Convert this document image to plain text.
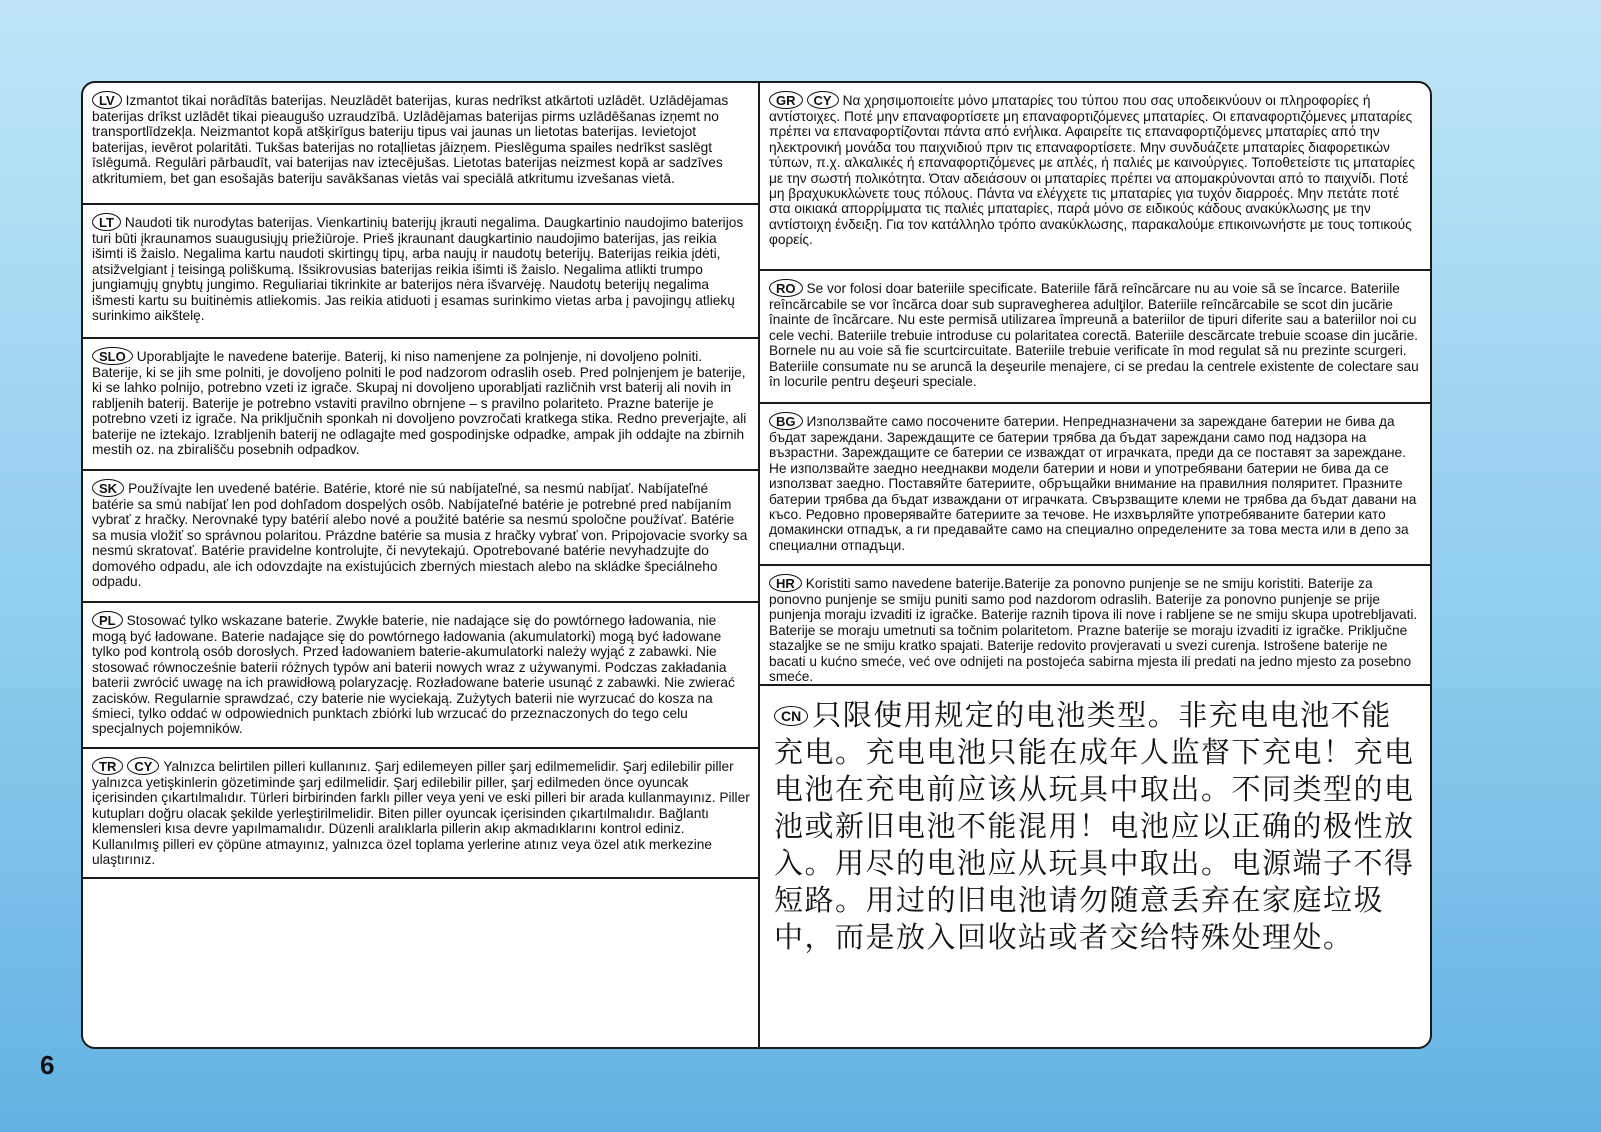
LV Izmantot tikai norādītās baterijas. Neuzlādēt baterijas, kuras nedrīkst atkārtoti uzlādēt. Uzlādējamas baterijas drīkst uzlādēt tikai pieaugušo uzraudzībā. Uzlādējamas baterijas pirms uzlādēšanas izņemt no transportlīdzekļa. Neizmantot kopā atšķirīgus bateriju tipus vai jaunas un lietotas baterijas. Ievietojot baterijas, ievērot polaritāti. Tukšas baterijas no rotaļlietas jāizņem. Pieslēguma spailes nedrīkst saslēgt īslēgumā. Regulāri pārbaudīt, vai baterijas nav iztecējušas. Lietotas baterijas neizmest kopā ar sadzīves atkritumiem, bet gan esošajās bateriju savākšanas vietās vai speciālā atkritumu izvešanas vietā.

LT Naudoti tik nurodytas baterijas. Vienkartinių baterijų įkrauti negalima. Daugkartinio naudojimo baterijos turi būti įkraunamos suaugusiųjų priežiūroje. Prieš įkraunant daugkartinio naudojimo baterijas, jas reikia išimti iš žaislo. Negalima kartu naudoti skirtingų tipų, arba naujų ir naudotų beterijų. Baterijas reikia įdėti, atsižvelgiant į teisingą poliškumą. Išsikrovusias baterijas reikia išimti iš žaislo. Negalima atlikti trumpo jungiamųjų gnybtų jungimo. Reguliariai tikrinkite ar baterijos nėra išvarvėję. Naudotų beterijų negalima išmesti kartu su buitinėmis atliekomis. Jas reikia atiduoti į esamas surinkimo vietas arba į pavojingų atliekų surinkimo aikštelę.

SLO Uporabljajte le navedene baterije. Baterij, ki niso namenjene za polnjenje, ni dovoljeno polniti. Baterije, ki se jih sme polniti, je dovoljeno polniti le pod nadzorom odraslih oseb. Pred polnjenjem je baterije, ki se lahko polnijo, potrebno vzeti iz igrače. Skupaj ni dovoljeno uporabljati različnih vrst baterij ali novih in rabljenih baterij. Baterije je potrebno vstaviti pravilno obrnjene – s pravilno polariteto. Prazne baterije je potrebno vzeti iz igrače. Na priključnih sponkah ni dovoljeno povzročati kratkega stika. Redno preverjajte, ali baterije ne iztekajo. Izrabljenih baterij ne odlagajte med gospodinjske odpadke, ampak jih oddajte na zbirnih mestih oz. na zbirališču posebnih odpadkov.

SK Používajte len uvedené batérie. Batérie, ktoré nie sú nabíjateľné, sa nesmú nabíjať. Nabíjateľné batérie sa smú nabíjať len pod dohľadom dospelých osôb. Nabíjateľné batérie je potrebné pred nabíjaním vybrať z hračky. Nerovnaké typy batérií alebo nové a použité batérie sa nesmú spoločne používať. Batérie sa musia vložiť so správnou polaritou. Prázdne batérie sa musia z hračky vybrať von. Pripojovacie svorky sa nesmú skratovať. Batérie pravidelne kontrolujte, či nevytekajú. Opotrebované batérie nevyhadzujte do domového odpadu, ale ich odovzdajte na existujúcich zberných miestach alebo na skládke špeciálneho odpadu.

PL Stosować tylko wskazane baterie. Zwykłe baterie, nie nadające się do powtórnego ładowania, nie mogą być ładowane. Baterie nadające się do powtórnego ładowania (akumulatorki) mogą być ładowane tylko pod kontrolą osób dorosłych. Przed ładowaniem baterie-akumulatorki należy wyjąć z zabawki. Nie stosować równocześnie baterii różnych typów ani baterii nowych wraz z używanymi. Podczas zakładania baterii zwrócić uwagę na ich prawidłową polaryzację. Rozładowane baterie usunąć z zabawki. Nie zwierać zacisków. Regularnie sprawdzać, czy baterie nie wyciekają. Zużytych baterii nie wyrzucać do kosza na śmieci, tylko oddać w odpowiednich punktach zbiórki lub wrzucać do przeznaczonych do tego celu specjalnych pojemników.

TR CY Yalnızca belirtilen pilleri kullanınız. Şarj edilemeyen piller şarj edilmemelidir. Şarj edilebilir piller yalnızca yetişkinlerin gözetiminde şarj edilmelidir. Şarj edilebilir piller, şarj edilmeden önce oyuncak içerisinden çıkartılmalıdır. Türleri birbirinden farklı piller veya yeni ve eski pilleri bir arada kullanmayınız. Piller kutupları doğru olacak şekilde yerleştirilmelidir. Biten piller oyuncak içerisinden çıkartılmalıdır. Bağlantı klemensleri kısa devre yapılmamalıdır. Düzenli aralıklarla pillerin akıp akmadıklarını kontrol ediniz. Kullanılmış pilleri ev çöpüne atmayınız, yalnızca özel toplama yerlerine atınız veya özel atık merkezine ulaştırınız.

GR CY Να χρησιμοποιείτε μόνο μπαταρίες του τύπου που σας υποδεικνύουν οι πληροφορίες ή αντίστοιχες. Ποτέ μην επαναφορτίσετε μη επαναφορτιζόμενες μπαταρίες. Οι επαναφορτιζόμενες μπαταρίες πρέπει να επαναφορτίζονται πάντα από ενήλικα. Αφαιρείτε τις επαναφορτιζόμενες μπαταρίες από την ηλεκτρονική μονάδα του παιχνιδιού πριν τις επαναφορτίσετε. Μην συνδυάζετε μπαταρίες διαφορετικών τύπων, π.χ. αλκαλικές ή επαναφορτιζόμενες με απλές, ή παλιές με καινούργιες. Τοποθετείστε τις μπαταρίες με την σωστή πολικότητα. Όταν αδειάσουν οι μπαταρίες πρέπει να απομακρύνονται από το παιχνίδι. Ποτέ μη βραχυκυκλώνετε τους πόλους. Πάντα να ελέγχετε τις μπαταρίες για τυχόν διαρροές. Μην πετάτε ποτέ στα οικιακά απορρίμματα τις παλιές μπαταρίες, παρά μόνο σε ειδικούς κάδους ανακύκλωσης με την αντίστοιχη ένδειξη. Για τον κατάλληλο τρόπο ανακύκλωσης, παρακαλούμε επικοινωνήστε με τους τοπικούς φορείς.

RO Se vor folosi doar bateriile specificate. Bateriile fără reîncărcare nu au voie să se încarce. Bateriile reîncărcabile se vor încărca doar sub supravegherea adulţilor. Bateriile reîncărcabile se scot din jucărie înainte de încărcare. Nu este permisă utilizarea împreună a bateriilor de tipuri diferite sau a bateriilor noi cu cele vechi. Bateriile trebuie introduse cu polaritatea corectă. Bateriile descărcate trebuie scoase din jucărie. Bornele nu au voie să fie scurtcircuitate. Bateriile trebuie verificate în mod regulat să nu prezinte scurgeri. Bateriile consumate nu se aruncă la deşeurile menajere, ci se predau la centrele existente de colectare sau în locurile pentru deşeuri speciale.

BG Използвайте само посочените батерии. Непредназначени за зареждане батерии не бива да бъдат зареждани. Зареждащите се батерии трябва да бъдат зареждани само под надзора на възрастни. Зареждащите се батерии се изваждат от играчката, преди да се поставят за зареждане. Не използвайте заедно нееднакви модели батерии и нови и употребявани батерии не бива да се използват заедно. Поставяйте батериите, обръщайки внимание на правилния поляритет. Празните батерии трябва да бъдат изваждани от играчката. Свързващите клеми не трябва да бъдат давани на късо. Редовно проверявайте батериите за течове. Не изхвърляйте употребяваните батерии като домакински отпадък, а ги предавайте само на специално определените за това места или в депо за специални отпадъци.

HR Koristiti samo navedene baterije.Baterije za ponovno punjenje se ne smiju koristiti. Baterije za ponovno punjenje se smiju puniti samo pod nazdorom odraslih. Baterije za ponovno punjenje se prije punjenja moraju izvaditi iz igračke. Baterije raznih tipova ili nove i rabljene se ne smiju skupa upotrebljavati. Baterije se moraju umetnuti sa točnim polaritetom. Prazne baterije se moraju izvaditi iz igračke. Priključne stazaljke se ne smiju kratko spajati. Baterije redovito provjeravati u svezi curenja. Istrošene baterije ne bacati u kućno smeće, već ove odnijeti na postojeća sabirna mjesta ili predati na jedno mjesto za posebno smeće.

CN 只限使用规定的电池类型。非充电电池不能充电。充电电池只能在成年人监督下充电！充电电池在充电前应该从玩具中取出。不同类型的电池或新旧电池不能混用！电池应以正确的极性放入。用尽的电池应从玩具中取出。电源端子不得短路。用过的旧电池请勿随意丢弃在家庭垃圾中，而是放入回收站或者交给特殊处理处。

6
